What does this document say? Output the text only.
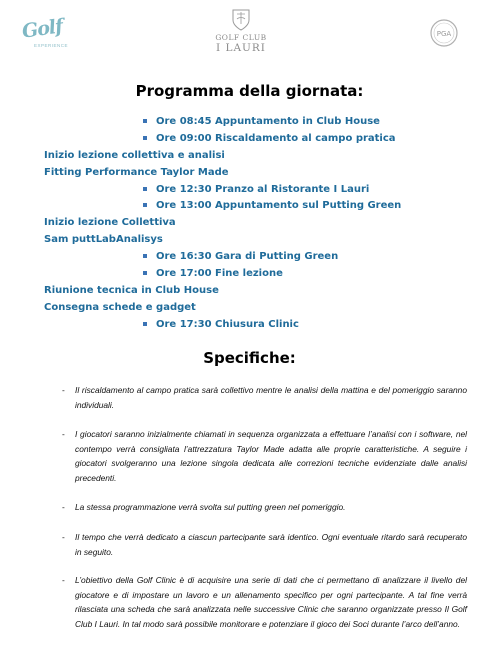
Golf
EXPERIENCE
GOLF CLUB
I LAURI
PGA
Programma della giornata:
Ore 08:45 Appuntamento in Club House
Ore 09:00 Riscaldamento al campo pratica
Inizio lezione collettiva e analisi
Fitting Performance Taylor Made
Ore 12:30 Pranzo al Ristorante I Lauri
Ore 13:00 Appuntamento sul Putting Green
Inizio lezione Collettiva
Sam puttLabAnalisys
Ore 16:30 Gara di Putting Green
Ore 17:00 Fine lezione
Riunione tecnica in Club House
Consegna schede e gadget
Ore 17:30 Chiusura Clinic
Specifiche:
- Il riscaldamento al campo pratica sarà collettivo mentre le analisi della mattina e del pomeriggio saranno individuali.
- I giocatori saranno inizialmente chiamati in sequenza organizzata a effettuare l’analisi con i software, nel contempo verrà consigliata l’attrezzatura Taylor Made adatta alle proprie caratteristiche. A seguire i giocatori svolgeranno una lezione singola dedicata alle correzioni tecniche evidenziate dalle analisi precedenti.
- La stessa programmazione verrà svolta sul putting green nel pomeriggio.
- Il tempo che verrà dedicato a ciascun partecipante sarà identico. Ogni eventuale ritardo sarà recuperato in seguito.
- L’obiettivo della Golf Clinic è di acquisire una serie di dati che ci permettano di analizzare il livello del giocatore e di impostare un lavoro e un allenamento specifico per ogni partecipante. A tal fine verrà rilasciata una scheda che sarà analizzata nelle successive Clinic che saranno organizzate presso Il Golf Club I Lauri. In tal modo sarà possibile monitorare e potenziare il gioco dei Soci durante l’arco dell’anno.
